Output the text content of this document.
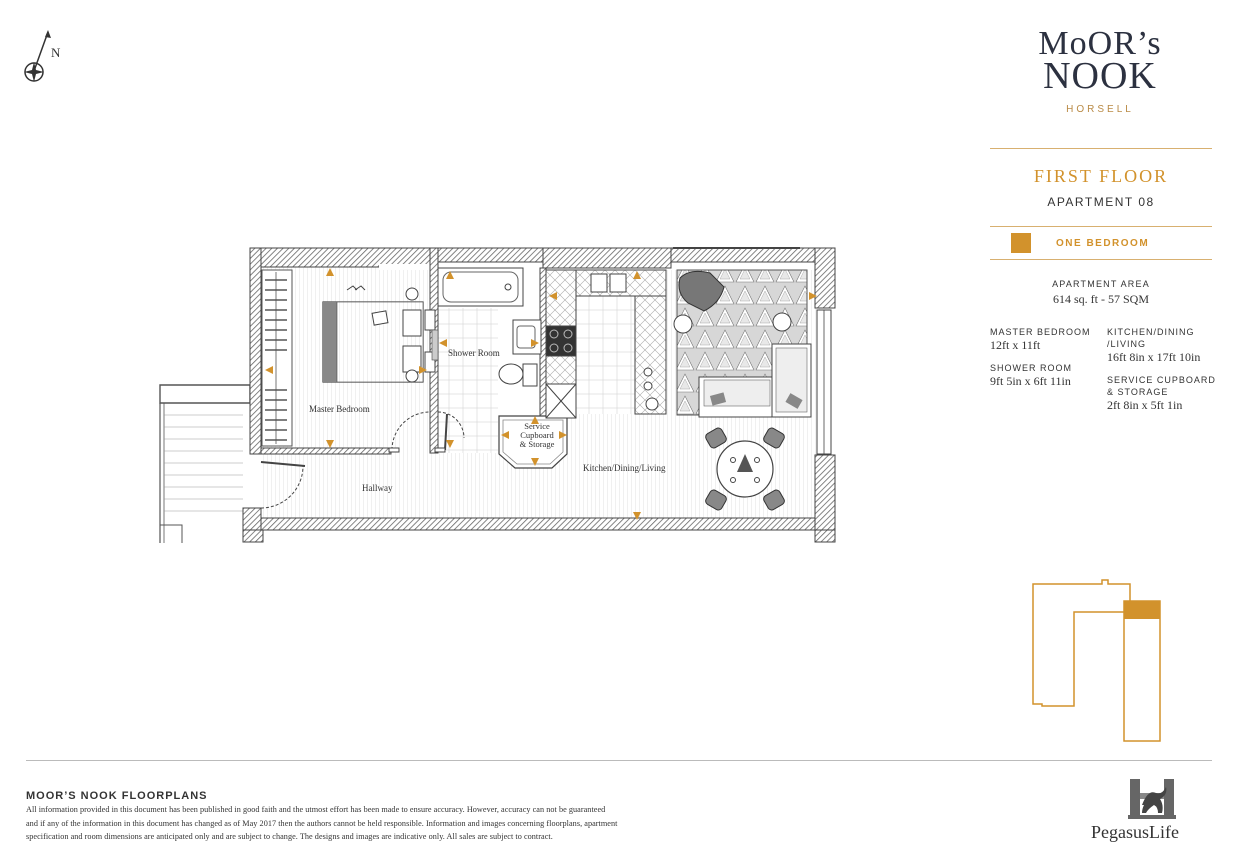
N	MoOR’s
NOOK
HORSELL
FIRST FLOOR
APARTMENT 08
ONE BEDROOM
APARTMENT AREA
614 sq. ft - 57 SQM
MASTER BEDROOM
12ft x 11ft
SHOWER ROOM
9ft 5in x 6ft 11in
KITCHEN/DINING
/LIVING
16ft 8in x 17ft 10in
SERVICE CUPBOARD
& STORAGE
2ft 8in x 5ft 1in
Master Bedroom
Shower Room
Service
Cupboard
& Storage
Kitchen/Dining/Living
Hallway
MOOR’S NOOK FLOORPLANS
All information provided in this document has been published in good faith and the utmost effort has been made to ensure accuracy. However, accuracy can not be guaranteed
and if any of the information in this document has changed as of May 2017 then the authors cannot be held responsible. Information and images concerning floorplans, apartment
specification and room dimensions are anticipated only and are subject to change. The designs and images are indicative only. All sales are subject to contract.	PegasusLife
